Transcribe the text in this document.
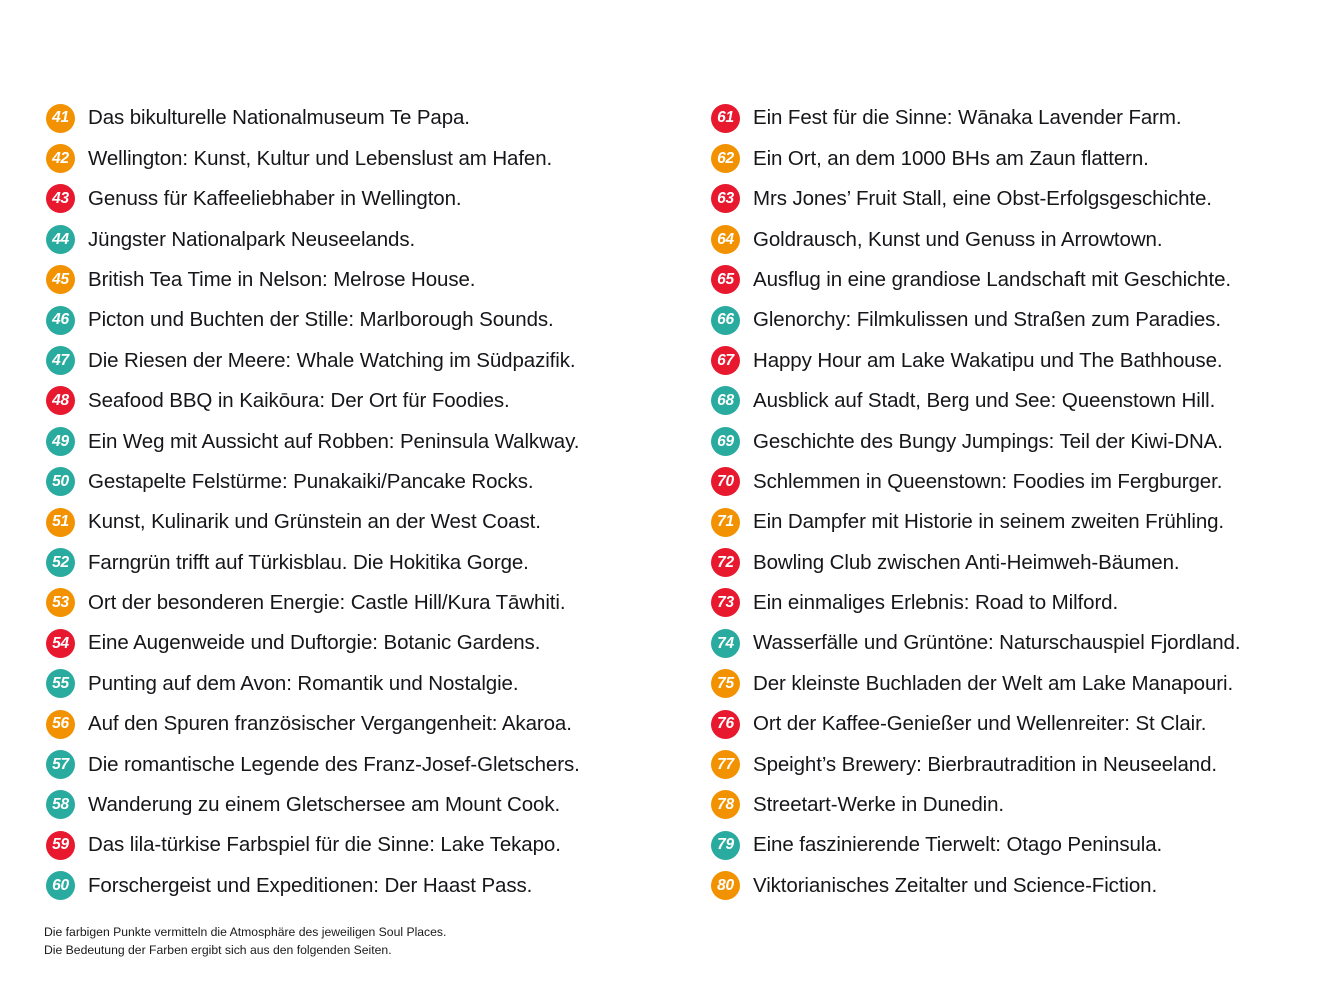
41 Das bikulturelle Nationalmuseum Te Papa.
42 Wellington: Kunst, Kultur und Lebenslust am Hafen.
43 Genuss für Kaffeeliebhaber in Wellington.
44 Jüngster Nationalpark Neuseelands.
45 British Tea Time in Nelson: Melrose House.
46 Picton und Buchten der Stille: Marlborough Sounds.
47 Die Riesen der Meere: Whale Watching im Südpazifik.
48 Seafood BBQ in Kaikōura: Der Ort für Foodies.
49 Ein Weg mit Aussicht auf Robben: Peninsula Walkway.
50 Gestapelte Felstürme: Punakaiki/Pancake Rocks.
51 Kunst, Kulinarik und Grünstein an der West Coast.
52 Farngrün trifft auf Türkisblau. Die Hokitika Gorge.
53 Ort der besonderen Energie: Castle Hill/Kura Tāwhiti.
54 Eine Augenweide und Duftorgie: Botanic Gardens.
55 Punting auf dem Avon: Romantik und Nostalgie.
56 Auf den Spuren französischer Vergangenheit: Akaroa.
57 Die romantische Legende des Franz-Josef-Gletschers.
58 Wanderung zu einem Gletschersee am Mount Cook.
59 Das lila-türkise Farbspiel für die Sinne: Lake Tekapo.
60 Forschergeist und Expeditionen: Der Haast Pass.
61 Ein Fest für die Sinne: Wānaka Lavender Farm.
62 Ein Ort, an dem 1000 BHs am Zaun flattern.
63 Mrs Jones’ Fruit Stall, eine Obst-Erfolgsgeschichte.
64 Goldrausch, Kunst und Genuss in Arrowtown.
65 Ausflug in eine grandiose Landschaft mit Geschichte.
66 Glenorchy: Filmkulissen und Straßen zum Paradies.
67 Happy Hour am Lake Wakatipu und The Bathhouse.
68 Ausblick auf Stadt, Berg und See: Queenstown Hill.
69 Geschichte des Bungy Jumpings: Teil der Kiwi-DNA.
70 Schlemmen in Queenstown: Foodies im Fergburger.
71 Ein Dampfer mit Historie in seinem zweiten Frühling.
72 Bowling Club zwischen Anti-Heimweh-Bäumen.
73 Ein einmaliges Erlebnis: Road to Milford.
74 Wasserfälle und Grüntöne: Naturschauspiel Fjordland.
75 Der kleinste Buchladen der Welt am Lake Manapouri.
76 Ort der Kaffee-Genießer und Wellenreiter: St Clair.
77 Speight’s Brewery: Bierbrautradition in Neuseeland.
78 Streetart-Werke in Dunedin.
79 Eine faszinierende Tierwelt: Otago Peninsula.
80 Viktorianisches Zeitalter und Science-Fiction.
Die farbigen Punkte vermitteln die Atmosphäre des jeweiligen Soul Places.
Die Bedeutung der Farben ergibt sich aus den folgenden Seiten.
